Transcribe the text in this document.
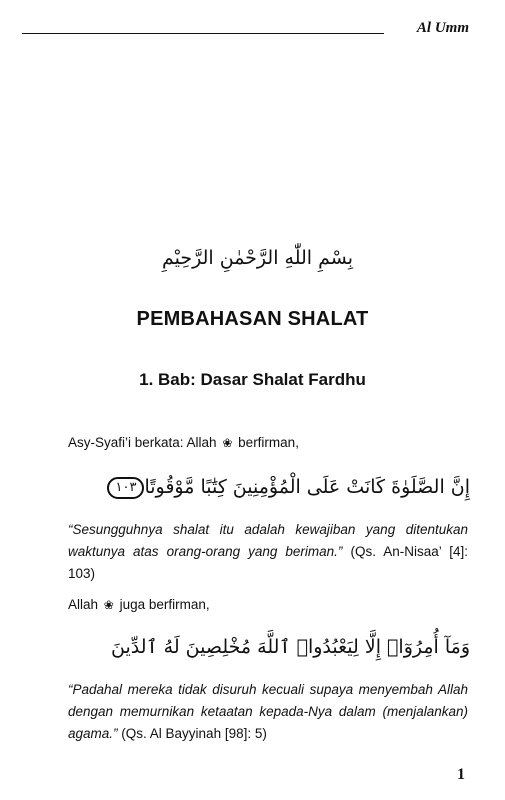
Al Umm
بِسْمِ اللّٰهِ الرَّحْمٰنِ الرَّحِيْمِ
PEMBAHASAN SHALAT
1. Bab: Dasar Shalat Fardhu
Asy-Syafi’i berkata: Allah ❀ berfirman,
إِنَّ الصَّلَوٰةَ كَانَتْ عَلَى الْمُؤْمِنِينَ كِتَٰبًا مَّوْقُوتًا١٠٣
“Sesungguhnya shalat itu adalah kewajiban yang ditentukan waktunya atas orang-orang yang beriman.” (Qs. An-Nisaa’ [4]: 103)
Allah ❀ juga berfirman,
وَمَآ أُمِرُوٓا۟ إِلَّا لِيَعْبُدُوا۟ ٱللَّهَ مُخْلِصِينَ لَهُ ٱلدِّينَ
“Padahal mereka tidak disuruh kecuali supaya menyembah Allah dengan memurnikan ketaatan kepada-Nya dalam (menjalankan) agama.” (Qs. Al Bayyinah [98]: 5)
1
